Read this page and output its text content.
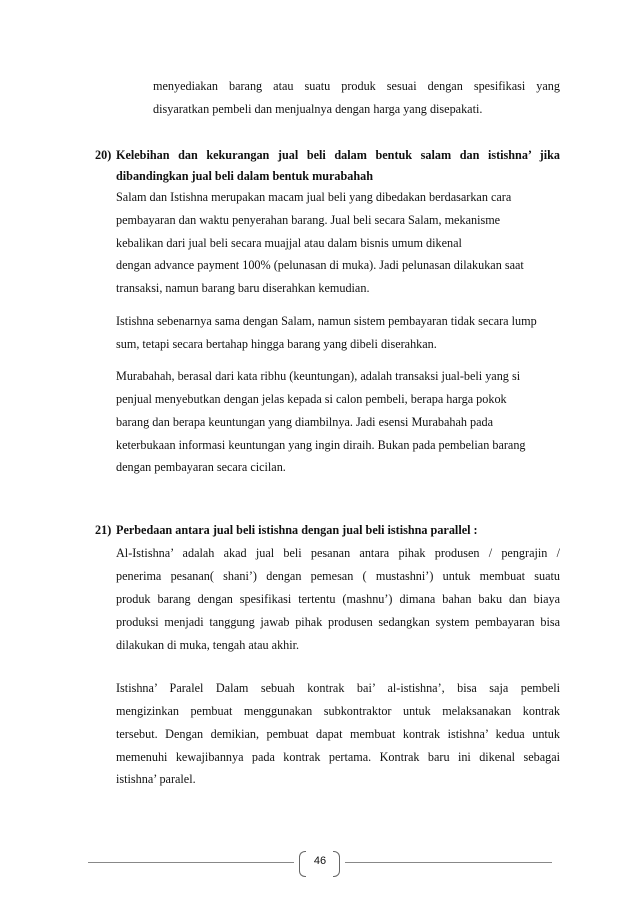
menyediakan barang atau suatu produk sesuai dengan spesifikasi yang
disyaratkan pembeli dan menjualnya dengan harga yang disepakati.
20) Kelebihan dan kekurangan jual beli dalam bentuk salam dan istishna’ jika
dibandingkan jual beli dalam bentuk murabahah
Salam dan Istishna merupakan macam jual beli yang dibedakan berdasarkan cara
pembayaran dan waktu penyerahan barang. Jual beli secara Salam, mekanisme
kebalikan dari jual beli secara muajjal atau dalam bisnis umum dikenal
dengan advance payment 100% (pelunasan di muka). Jadi pelunasan dilakukan saat
transaksi, namun barang baru diserahkan kemudian.
Istishna sebenarnya sama dengan Salam, namun sistem pembayaran tidak secara lump
sum, tetapi secara bertahap hingga barang yang dibeli diserahkan.
Murabahah, berasal dari kata ribhu (keuntungan), adalah transaksi jual-beli yang si
penjual menyebutkan dengan jelas kepada si calon pembeli, berapa harga pokok
barang dan berapa keuntungan yang diambilnya. Jadi esensi Murabahah pada
keterbukaan informasi keuntungan yang ingin diraih. Bukan pada pembelian barang
dengan pembayaran secara cicilan.
21) Perbedaan antara jual beli istishna dengan jual beli istishna parallel :
Al-Istishna’ adalah akad jual beli pesanan antara pihak produsen / pengrajin /
penerima pesanan( shani’) dengan pemesan ( mustashni’) untuk membuat suatu
produk barang dengan spesifikasi tertentu (mashnu’) dimana bahan baku dan biaya
produksi menjadi tanggung jawab pihak produsen sedangkan system pembayaran bisa
dilakukan di muka, tengah atau akhir.
Istishna’ Paralel Dalam sebuah kontrak bai’ al-istishna’, bisa saja pembeli
mengizinkan pembuat menggunakan subkontraktor untuk melaksanakan kontrak
tersebut. Dengan demikian, pembuat dapat membuat kontrak istishna’ kedua untuk
memenuhi kewajibannya pada kontrak pertama. Kontrak baru ini dikenal sebagai
istishna’ paralel.
46
